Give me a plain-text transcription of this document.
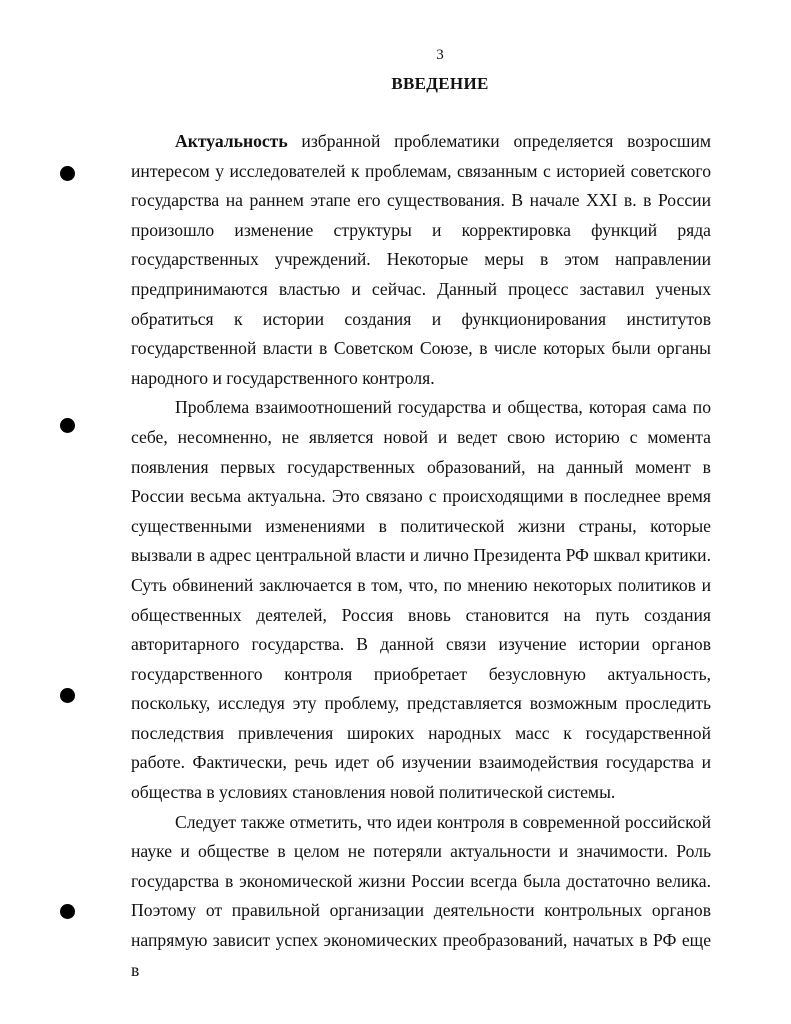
3
ВВЕДЕНИЕ

Актуальность избранной проблематики определяется возросшим интересом у исследователей к проблемам, связанным с историей советского государства на раннем этапе его существования. В начале XXI в. в России произошло изменение структуры и корректировка функций ряда государственных учреждений. Некоторые меры в этом направлении предпринимаются властью и сейчас. Данный процесс заставил ученых обратиться к истории создания и функционирования институтов государственной власти в Советском Союзе, в числе которых были органы народного и государственного контроля.

Проблема взаимоотношений государства и общества, которая сама по себе, несомненно, не является новой и ведет свою историю с момента появления первых государственных образований, на данный момент в России весьма актуальна. Это связано с происходящими в последнее время существенными изменениями в политической жизни страны, которые вызвали в адрес центральной власти и лично Президента РФ шквал критики. Суть обвинений заключается в том, что, по мнению некоторых политиков и общественных деятелей, Россия вновь становится на путь создания авторитарного государства. В данной связи изучение истории органов государственного контроля приобретает безусловную актуальность, поскольку, исследуя эту проблему, представляется возможным проследить последствия привлечения широких народных масс к государственной работе. Фактически, речь идет об изучении взаимодействия государства и общества в условиях становления новой политической системы.

Следует также отметить, что идеи контроля в современной российской науке и обществе в целом не потеряли актуальности и значимости. Роль государства в экономической жизни России всегда была достаточно велика. Поэтому от правильной организации деятельности контрольных органов напрямую зависит успех экономических преобразований, начатых в РФ еще в
